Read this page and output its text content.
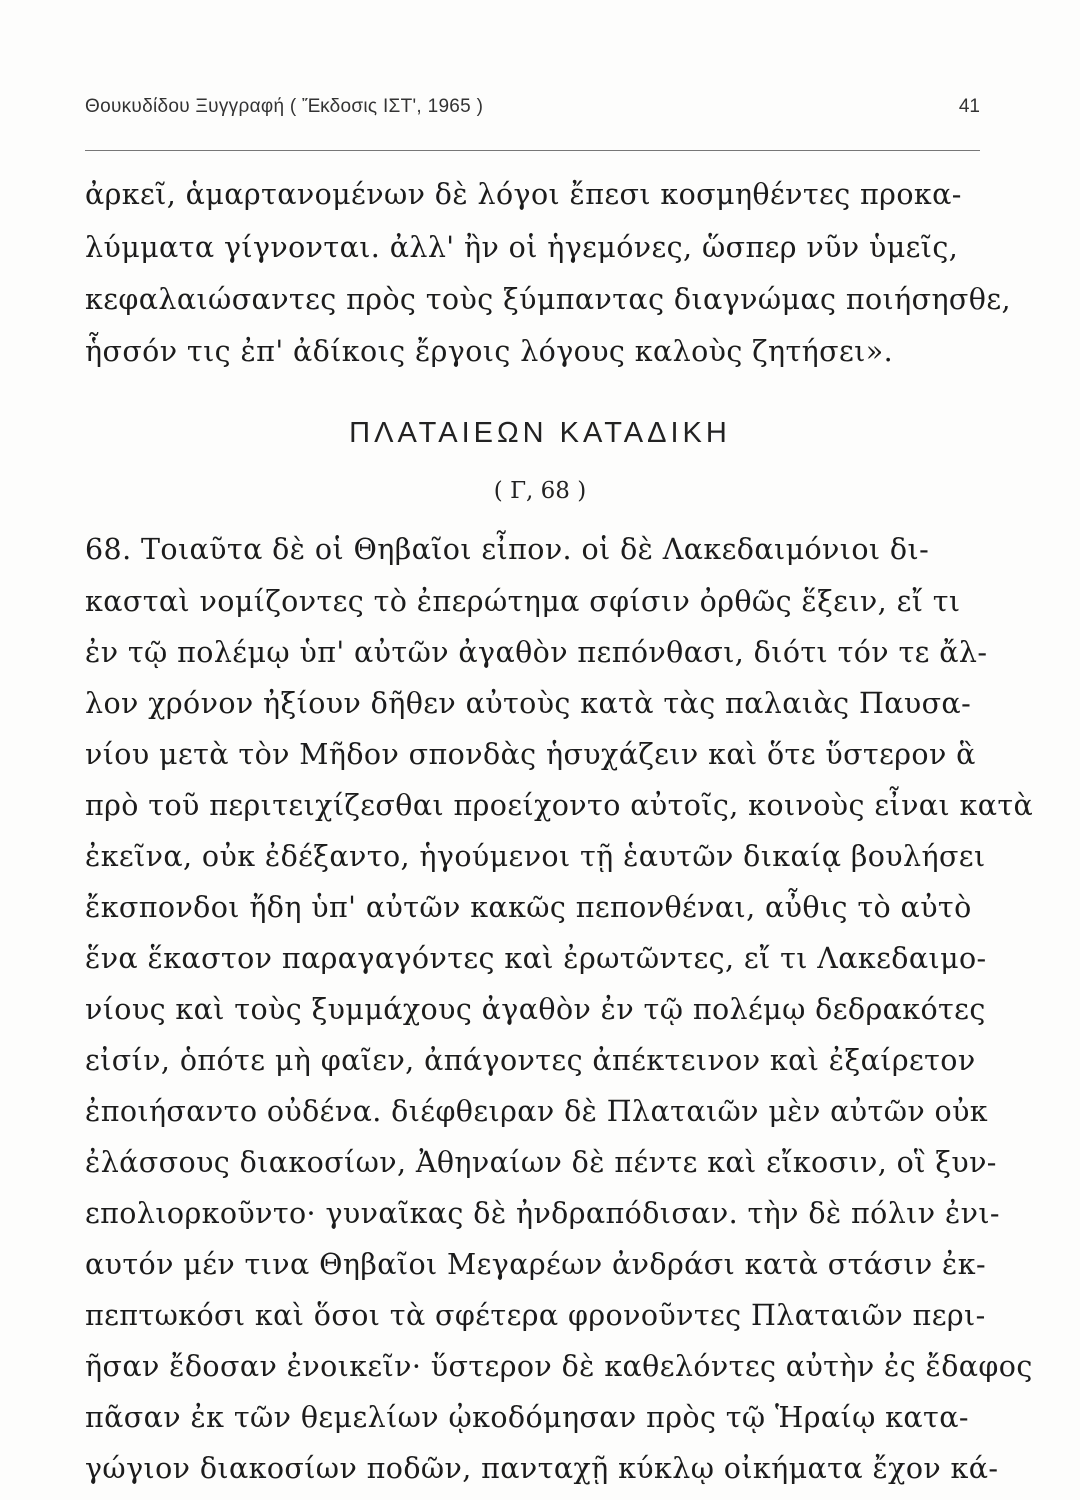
Θουκυδίδου Ξυγγραφή ( Ἔκδοσις ΙΣΤ', 1965 )	41
ἀρκεῖ, ἁμαρτανομένων δὲ λόγοι ἔπεσι κοσμηθέντες προκα-
λύμματα γίγνονται. ἀλλ' ἢν οἱ ἡγεμόνες, ὥσπερ νῦν ὑμεῖς,
κεφαλαιώσαντες πρὸς τοὺς ξύμπαντας διαγνώμας ποιήσησθε,
ἧσσόν τις ἐπ' ἀδίκοις ἔργοις λόγους καλοὺς ζητήσει».
ΠΛΑΤΑΙΕΩΝ ΚΑΤΑΔΙΚΗ
( Γ, 68 )
68. Τοιαῦτα δὲ οἱ Θηβαῖοι εἶπον. οἱ δὲ Λακεδαιμόνιοι δι-
κασταὶ νομίζοντες τὸ ἐπερώτημα σφίσιν ὀρθῶς ἕξειν, εἴ τι
ἐν τῷ πολέμῳ ὑπ' αὐτῶν ἀγαθὸν πεπόνθασι, διότι τόν τε ἄλ-
λον χρόνον ἠξίουν δῆθεν αὐτοὺς κατὰ τὰς παλαιὰς Παυσα-
νίου μετὰ τὸν Μῆδον σπονδὰς ἡσυχάζειν καὶ ὅτε ὕστερον ἃ
πρὸ τοῦ περιτειχίζεσθαι προείχοντο αὐτοῖς, κοινοὺς εἶναι κατὰ
ἐκεῖνα, οὐκ ἐδέξαντο, ἡγούμενοι τῇ ἑαυτῶν δικαίᾳ βουλήσει
ἔκσπονδοι ἤδη ὑπ' αὐτῶν κακῶς πεπονθέναι, αὖθις τὸ αὐτὸ
ἕνα ἕκαστον παραγαγόντες καὶ ἐρωτῶντες, εἴ τι Λακεδαιμο-
νίους καὶ τοὺς ξυμμάχους ἀγαθὸν ἐν τῷ πολέμῳ δεδρακότες
εἰσίν, ὁπότε μὴ φαῖεν, ἀπάγοντες ἀπέκτεινον καὶ ἐξαίρετον
ἐποιήσαντο οὐδένα. διέφθειραν δὲ Πλαταιῶν μὲν αὐτῶν οὐκ
ἐλάσσους διακοσίων, Ἀθηναίων δὲ πέντε καὶ εἴκοσιν, οἳ ξυν-
επολιορκοῦντο· γυναῖκας δὲ ἠνδραπόδισαν. τὴν δὲ πόλιν ἐνι-
αυτόν μέν τινα Θηβαῖοι Μεγαρέων ἀνδράσι κατὰ στάσιν ἐκ-
πεπτωκόσι καὶ ὅσοι τὰ σφέτερα φρονοῦντες Πλαταιῶν περι-
ῆσαν ἔδοσαν ἐνοικεῖν· ὕστερον δὲ καθελόντες αὐτὴν ἐς ἔδαφος
πᾶσαν ἐκ τῶν θεμελίων ᾠκοδόμησαν πρὸς τῷ Ἡραίῳ κατα-
γώγιον διακοσίων ποδῶν, πανταχῇ κύκλῳ οἰκήματα ἔχον κά-
